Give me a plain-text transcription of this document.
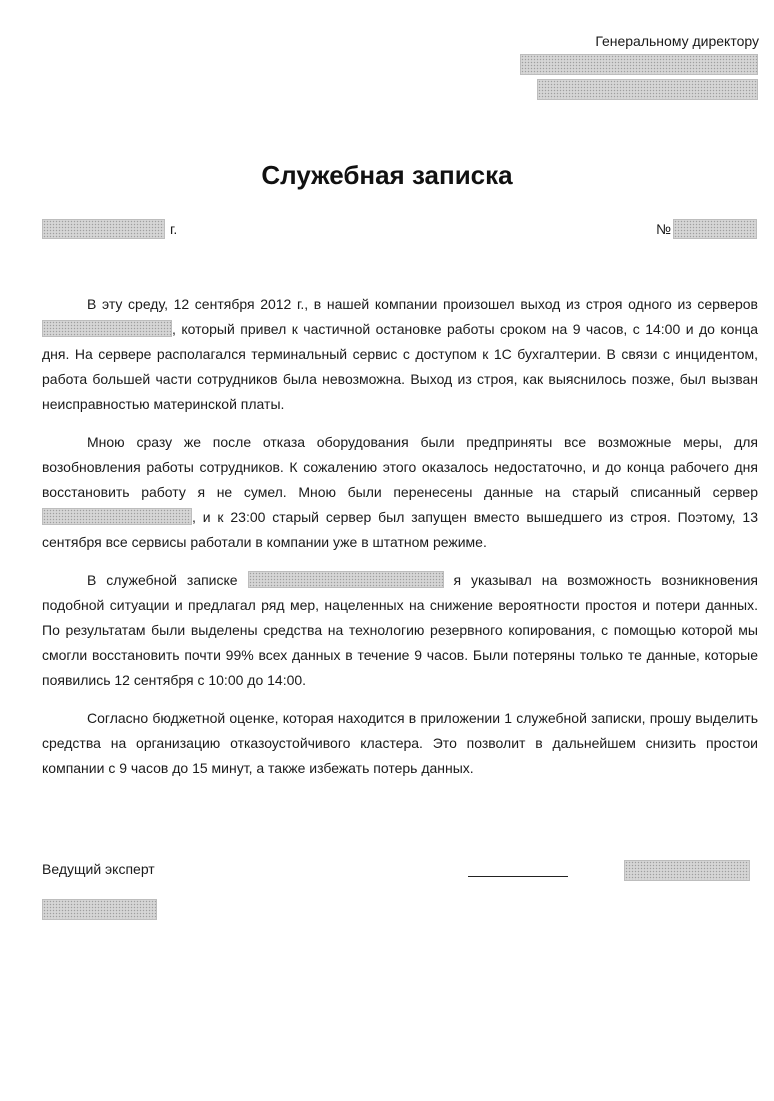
Генеральному директору
Служебная записка
г.	№

В эту среду, 12 сентября 2012 г., в нашей компании произошел выход из строя одного из серверов , который привел к частичной остановке работы сроком на 9 часов, с 14:00 и до конца дня. На сервере располагался терминальный сервис с доступом к 1С бухгалтерии. В связи с инцидентом, работа большей части сотрудников была невозможна. Выход из строя, как выяснилось позже, был вызван неисправностью материнской платы.

Мною сразу же после отказа оборудования были предприняты все возможные меры, для возобновления работы сотрудников. К сожалению этого оказалось недостаточно, и до конца рабочего дня восстановить работу я не сумел. Мною были перенесены данные на старый списанный сервер , и к 23:00 старый сервер был запущен вместо вышедшего из строя. Поэтому, 13 сентября все сервисы работали в компании уже в штатном режиме.

В служебной записке	я указывал на возможность возникновения подобной ситуации и предлагал ряд мер, нацеленных на снижение вероятности простоя и потери данных. По результатам были выделены средства на технологию резервного копирования, с помощью которой мы смогли восстановить почти 99% всех данных в течение 9 часов. Были потеряны только те данные, которые появились 12 сентября с 10:00 до 14:00.

Согласно бюджетной оценке, которая находится в приложении 1 служебной записки, прошу выделить средства на организацию отказоустойчивого кластера. Это позволит в дальнейшем снизить простои компании с 9 часов до 15 минут, а также избежать потерь данных.

Ведущий эксперт
